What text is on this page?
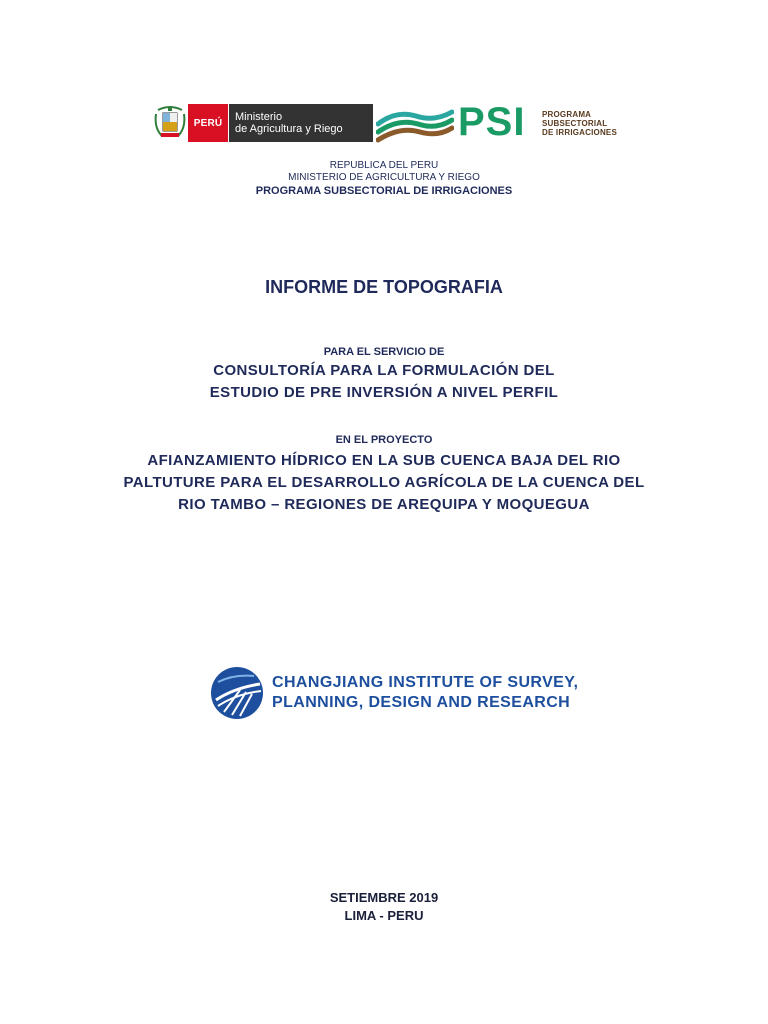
PERÚ	Ministerio
de Agricultura y Riego	PSI PROGRAMA
SUBSECTORIAL
DE IRRIGACIONES
REPUBLICA DEL PERU
MINISTERIO DE AGRICULTURA Y RIEGO
PROGRAMA SUBSECTORIAL DE IRRIGACIONES
INFORME DE TOPOGRAFIA
PARA EL SERVICIO DE
CONSULTORÍA PARA LA FORMULACIÓN DEL
ESTUDIO DE PRE INVERSIÓN A NIVEL PERFIL
EN EL PROYECTO
AFIANZAMIENTO HÍDRICO EN LA SUB CUENCA BAJA DEL RIO
PALTUTURE PARA EL DESARROLLO AGRÍCOLA DE LA CUENCA DEL
RIO TAMBO – REGIONES DE AREQUIPA Y MOQUEGUA
CHANGJIANG INSTITUTE OF SURVEY,
PLANNING, DESIGN AND RESEARCH
SETIEMBRE 2019
LIMA - PERU
